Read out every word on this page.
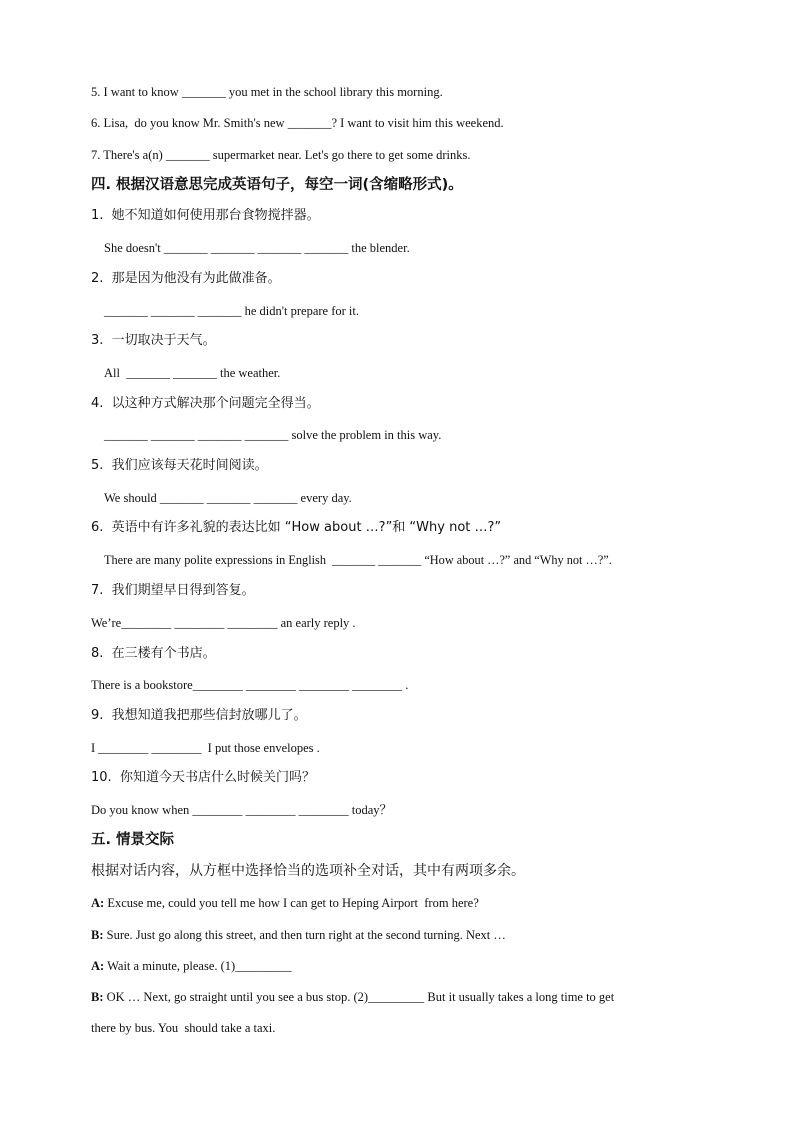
5. I want to know _______ you met in the school library this morning.
6. Lisa,  do you know Mr. Smith's new _______? I want to visit him this weekend.
7. There's a(n) _______ supermarket near. Let's go there to get some drinks.
四. 根据汉语意思完成英语句子，每空一词(含缩略形式)。
1.  她不知道如何使用那台食物搅拌器。
She doesn't _______ _______ _______ _______ the blender.
2.  那是因为他没有为此做准备。
_______ _______ _______ he didn't prepare for it.
3.  一切取决于天气。
All  _______ _______ the weather.
4.  以这种方式解决那个问题完全得当。
_______ _______ _______ _______ solve the problem in this way.
5.  我们应该每天花时间阅读。
We should _______ _______ _______ every day.
6.  英语中有许多礼貌的表达比如 “How about …?”和 “Why not …?”
There are many polite expressions in English  _______ _______ “How about …?” and “Why not …?”.
7.  我们期望早日得到答复。
We’re________ ________ ________ an early reply .
8.  在三楼有个书店。
There is a bookstore________ ________ ________ ________ .
9.  我想知道我把那些信封放哪儿了。
I ________ ________  I put those envelopes .
10.  你知道今天书店什么时候关门吗？
Do you know when ________ ________ ________ today？
五. 情景交际
根据对话内容，从方框中选择恰当的选项补全对话，其中有两项多余。
A: Excuse me, could you tell me how I can get to Heping Airport  from here?
B: Sure. Just go along this street, and then turn right at the second turning. Next …
A: Wait a minute, please. (1)_________
B: OK … Next, go straight until you see a bus stop. (2)_________ But it usually takes a long time to get
there by bus. You  should take a taxi.
